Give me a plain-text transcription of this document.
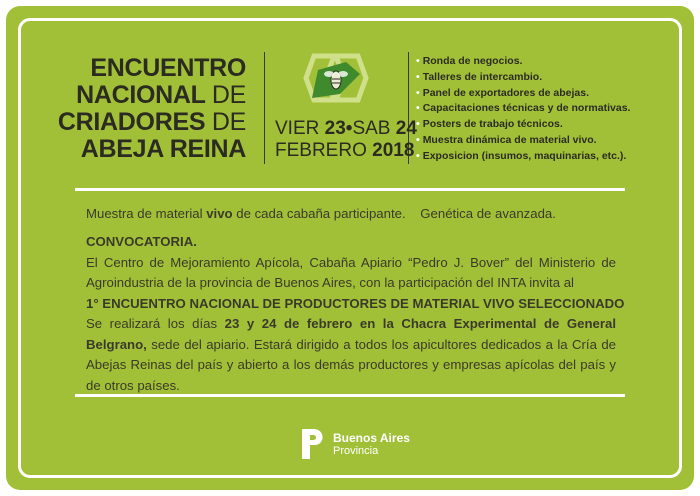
ENCUENTRO
NACIONAL DE
CRIADORES DE
ABEJA REINA
VIER 23•SAB 24
FEBRERO 2018
• Ronda de negocios.
• Talleres de intercambio.
• Panel de exportadores de abejas.
• Capacitaciones técnicas y de normativas.
• Posters de trabajo técnicos.
• Muestra dinámica de material vivo.
• Exposicion (insumos, maquinarias, etc.).
Muestra de material vivo de cada cabaña participante. Genética de avanzada.
CONVOCATORIA.
El Centro de Mejoramiento Apícola, Cabaña Apiario “Pedro J. Bover” del Ministerio de Agroindustria de la provincia de Buenos Aires, con la participación del INTA invita al
1° ENCUENTRO NACIONAL DE PRODUCTORES DE MATERIAL VIVO SELECCIONADO
Se realizará los días 23 y 24 de febrero en la Chacra Experimental de General Belgrano, sede del apiario. Estará dirigido a todos los apicultores dedicados a la Cría de Abejas Reinas del país y abierto a los demás productores y empresas apícolas del país y de otros países.
Buenos Aires
Provincia
